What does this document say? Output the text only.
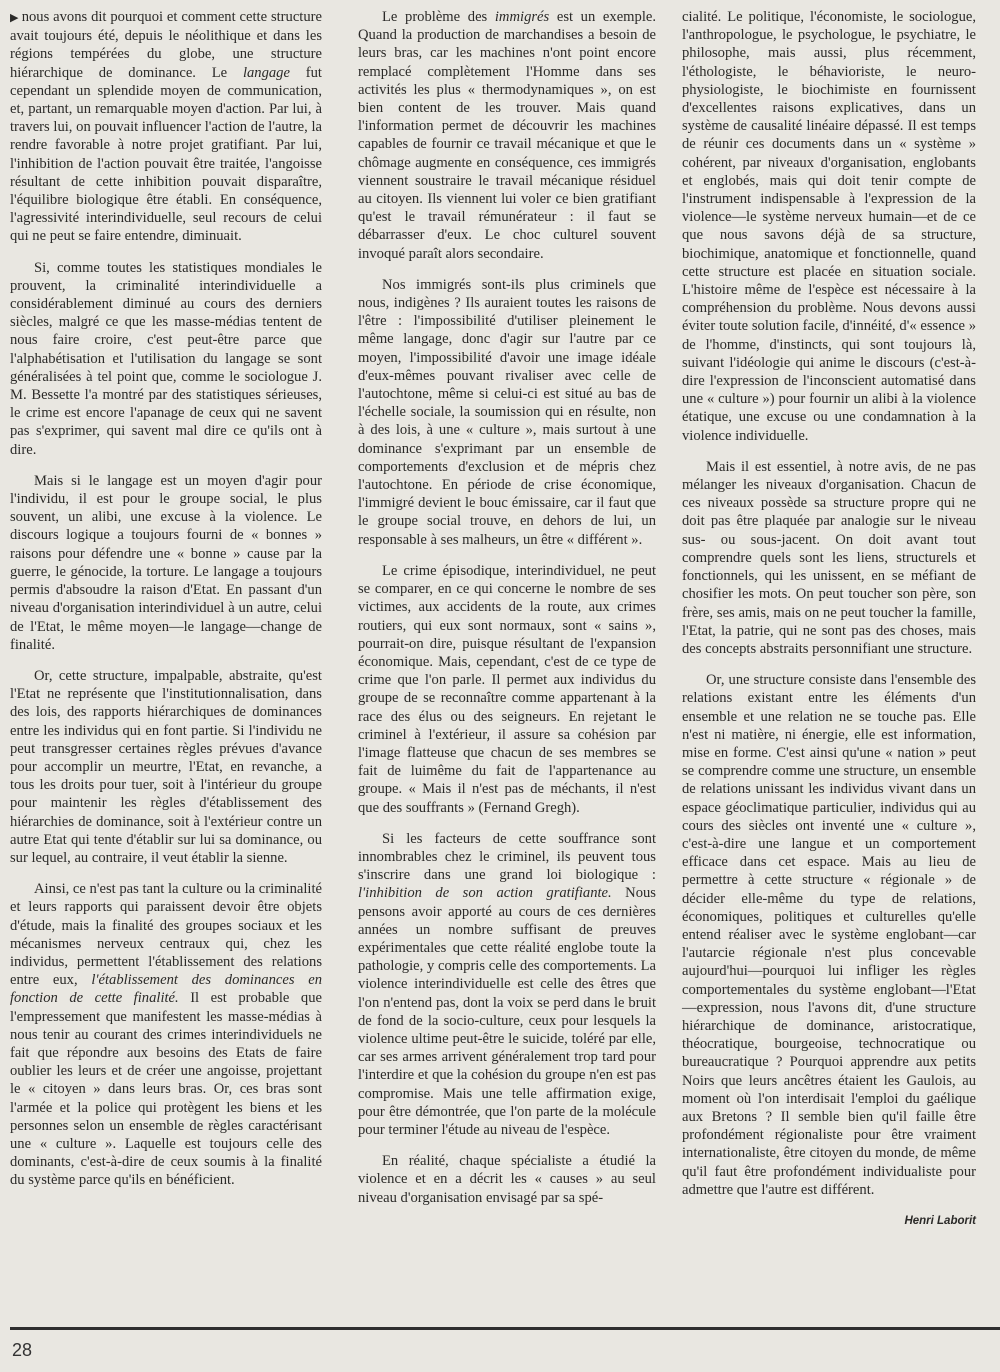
▶ nous avons dit pourquoi et comment cette structure avait toujours été, depuis le néolithique et dans les régions tempérées du globe, une structure hiérarchique de dominance. Le langage fut cependant un splendide moyen de communication, et, partant, un remarquable moyen d'action. Par lui, à travers lui, on pouvait influencer l'action de l'autre, la rendre favorable à notre projet gratifiant. Par lui, l'inhibition de l'action pouvait être traitée, l'angoisse résultant de cette inhibition pouvait disparaître, l'équilibre biologique être établi. En conséquence, l'agressivité interindividuelle, seul recours de celui qui ne peut se faire entendre, diminuait.

Si, comme toutes les statistiques mondiales le prouvent, la criminalité interindividuelle a considérablement diminué au cours des derniers siècles, malgré ce que les masse-médias tentent de nous faire croire, c'est peut-être parce que l'alphabétisation et l'utilisation du langage se sont généralisées à tel point que, comme le sociologue J. M. Bessette l'a montré par des statistiques sérieuses, le crime est encore l'apanage de ceux qui ne savent pas s'exprimer, qui savent mal dire ce qu'ils ont à dire.

Mais si le langage est un moyen d'agir pour l'individu, il est pour le groupe social, le plus souvent, un alibi, une excuse à la violence. Le discours logique a toujours fourni de « bonnes » raisons pour défendre une « bonne » cause par la guerre, le génocide, la torture. Le langage a toujours permis d'absoudre la raison d'Etat. En passant d'un niveau d'organisation interindividuel à un autre, celui de l'Etat, le même moyen—le langage—change de finalité.

Or, cette structure, impalpable, abstraite, qu'est l'Etat ne représente que l'institutionnalisation, dans des lois, des rapports hiérarchiques de dominances entre les individus qui en font partie. Si l'individu ne peut transgresser certaines règles prévues d'avance pour accomplir un meurtre, l'Etat, en revanche, a tous les droits pour tuer, soit à l'intérieur du groupe pour maintenir les règles d'établissement des hiérarchies de dominance, soit à l'extérieur contre un autre Etat qui tente d'établir sur lui sa dominance, ou sur lequel, au contraire, il veut établir la sienne.

Ainsi, ce n'est pas tant la culture ou la criminalité et leurs rapports qui paraissent devoir être objets d'étude, mais la finalité des groupes sociaux et les mécanismes nerveux centraux qui, chez les individus, permettent l'établissement des relations entre eux, l'établissement des dominances en fonction de cette finalité. Il est probable que l'empressement que manifestent les masse-médias à nous tenir au courant des crimes interindividuels ne fait que répondre aux besoins des Etats de faire oublier les leurs et de créer une angoisse, projettant le « citoyen » dans leurs bras. Or, ces bras sont l'armée et la police qui protègent les biens et les personnes selon un ensemble de règles caractérisant une « culture ». Laquelle est toujours celle des dominants, c'est-à-dire de ceux soumis à la finalité du système parce qu'ils en bénéficient.

Le problème des immigrés est un exemple. Quand la production de marchandises a besoin de leurs bras, car les machines n'ont point encore remplacé complètement l'Homme dans ses activités les plus « thermodynamiques », on est bien content de les trouver. Mais quand l'information permet de découvrir les machines capables de fournir ce travail mécanique et que le chômage augmente en conséquence, ces immigrés viennent soustraire le travail mécanique résiduel au citoyen. Ils viennent lui voler ce bien gratifiant qu'est le travail rémunérateur : il faut se débarrasser d'eux. Le choc culturel souvent invoqué paraît alors secondaire.

Nos immigrés sont-ils plus criminels que nous, indigènes ? Ils auraient toutes les raisons de l'être : l'impossibilité d'utiliser pleinement le même langage, donc d'agir sur l'autre par ce moyen, l'impossibilité d'avoir une image idéale d'eux-mêmes pouvant rivaliser avec celle de l'autochtone, même si celui-ci est situé au bas de l'échelle sociale, la soumission qui en résulte, non à des lois, à une « culture », mais surtout à une dominance s'exprimant par un ensemble de comportements d'exclusion et de mépris chez l'autochtone. En période de crise économique, l'immigré devient le bouc émissaire, car il faut que le groupe social trouve, en dehors de lui, un responsable à ses malheurs, un être « différent ».

Le crime épisodique, interindividuel, ne peut se comparer, en ce qui concerne le nombre de ses victimes, aux accidents de la route, aux crimes routiers, qui eux sont normaux, sont « sains », pourrait-on dire, puisque résultant de l'expansion économique. Mais, cependant, c'est de ce type de crime que l'on parle. Il permet aux individus du groupe de se reconnaître comme appartenant à la race des élus ou des seigneurs. En rejetant le criminel à l'extérieur, il assure sa cohésion par l'image flatteuse que chacun de ses membres se fait de luimême du fait de l'appartenance au groupe. « Mais il n'est pas de méchants, il n'est que des souffrants » (Fernand Gregh).

Si les facteurs de cette souffrance sont innombrables chez le criminel, ils peuvent tous s'inscrire dans une grand loi biologique : l'inhibition de son action gratifiante. Nous pensons avoir apporté au cours de ces dernières années un nombre suffisant de preuves expérimentales que cette réalité englobe toute la pathologie, y compris celle des comportements. La violence interindividuelle est celle des êtres que l'on n'entend pas, dont la voix se perd dans le bruit de fond de la socio-culture, ceux pour lesquels la violence ultime peut-être le suicide, toléré par elle, car ses armes arrivent généralement trop tard pour l'interdire et que la cohésion du groupe n'en est pas compromise. Mais une telle affirmation exige, pour être démontrée, que l'on parte de la molécule pour terminer l'étude au niveau de l'espèce.

En réalité, chaque spécialiste a étudié la violence et en a décrit les « causes » au seul niveau d'organisation envisagé par sa spé-

cialité. Le politique, l'économiste, le sociologue, l'anthropologue, le psychologue, le psychiatre, le philosophe, mais aussi, plus récemment, l'éthologiste, le béhavioriste, le neuro-physiologiste, le biochimiste en fournissent d'excellentes raisons explicatives, dans un système de causalité linéaire dépassé. Il est temps de réunir ces documents dans un « système » cohérent, par niveaux d'organisation, englobants et englobés, mais qui doit tenir compte de l'instrument indispensable à l'expression de la violence—le système nerveux humain—et de ce que nous savons déjà de sa structure, biochimique, anatomique et fonctionnelle, quand cette structure est placée en situation sociale. L'histoire même de l'espèce est nécessaire à la compréhension du problème. Nous devons aussi éviter toute solution facile, d'innéité, d'« essence » de l'homme, d'instincts, qui sont toujours là, suivant l'idéologie qui anime le discours (c'est-à-dire l'expression de l'inconscient automatisé dans une « culture ») pour fournir un alibi à la violence étatique, une excuse ou une condamnation à la violence individuelle.

Mais il est essentiel, à notre avis, de ne pas mélanger les niveaux d'organisation. Chacun de ces niveaux possède sa structure propre qui ne doit pas être plaquée par analogie sur le niveau sus- ou sous-jacent. On doit avant tout comprendre quels sont les liens, structurels et fonctionnels, qui les unissent, en se méfiant de chosifier les mots. On peut toucher son père, son frère, ses amis, mais on ne peut toucher la famille, l'Etat, la patrie, qui ne sont pas des choses, mais des concepts abstraits personnifiant une structure.

Or, une structure consiste dans l'ensemble des relations existant entre les éléments d'un ensemble et une relation ne se touche pas. Elle n'est ni matière, ni énergie, elle est information, mise en forme. C'est ainsi qu'une « nation » peut se comprendre comme une structure, un ensemble de relations unissant les individus vivant dans un espace géoclimatique particulier, individus qui au cours des siècles ont inventé une « culture », c'est-à-dire une langue et un comportement efficace dans cet espace. Mais au lieu de permettre à cette structure « régionale » de décider elle-même du type de relations, économiques, politiques et culturelles qu'elle entend réaliser avec le système englobant—car l'autarcie régionale n'est plus concevable aujourd'hui—pourquoi lui infliger les règles comportementales du système englobant—l'Etat—expression, nous l'avons dit, d'une structure hiérarchique de dominance, aristocratique, théocratique, bourgeoise, technocratique ou bureaucratique ? Pourquoi apprendre aux petits Noirs que leurs ancêtres étaient les Gaulois, au moment où l'on interdisait l'emploi du gaélique aux Bretons ? Il semble bien qu'il faille être profondément régionaliste pour être vraiment internationaliste, être citoyen du monde, de même qu'il faut être profondément individualiste pour admettre que l'autre est différent.

Henri Laborit
28
